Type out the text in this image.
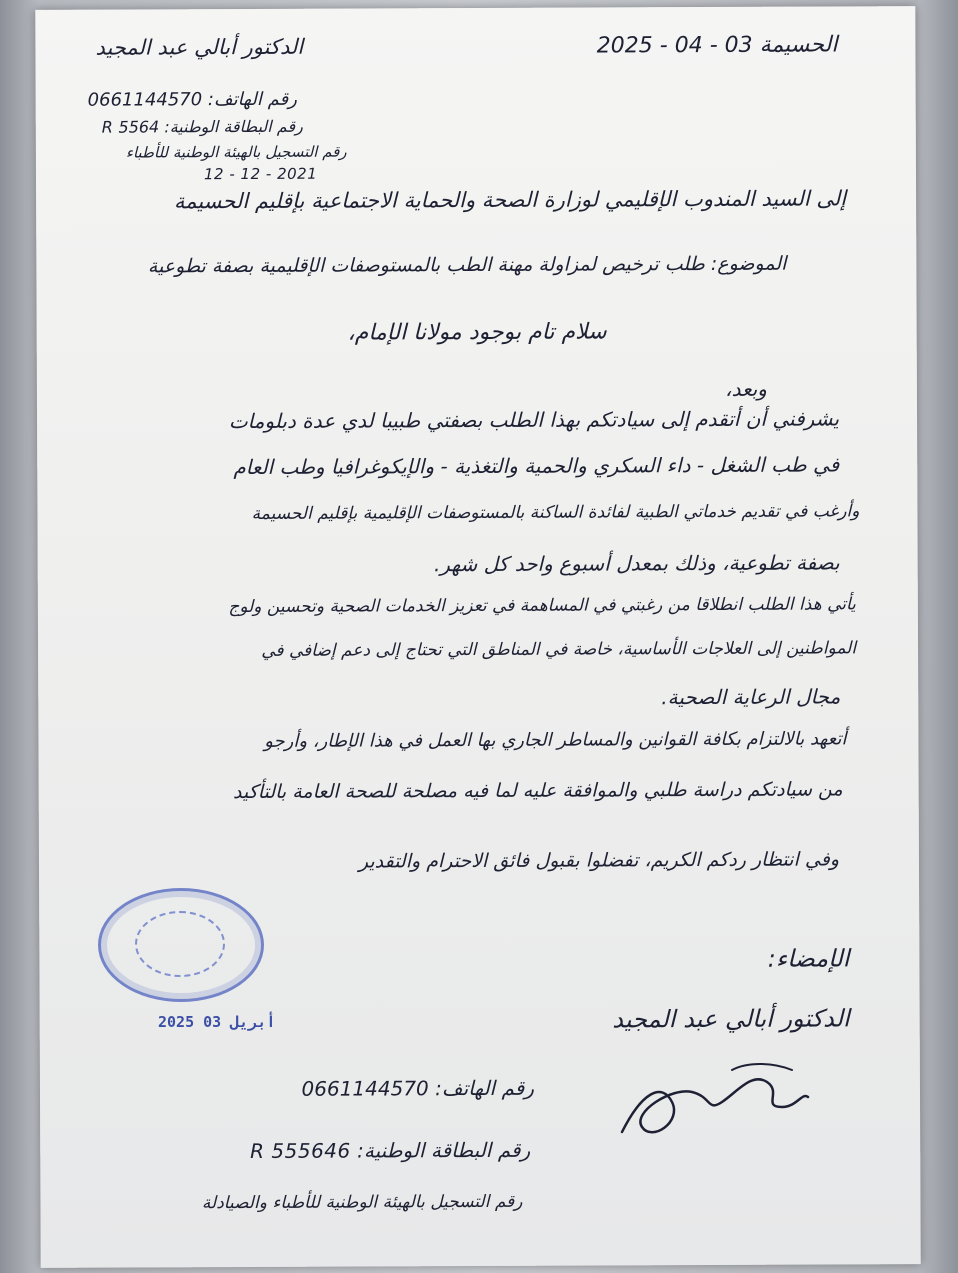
الحسيمة 03 - 04 - 2025
الدكتور أبالي عبد المجيد
رقم الهاتف: 0661144570
رقم البطاقة الوطنية: 5564 R
رقم التسجيل بالهيئة الوطنية للأطباء
2021 - 12 - 12
إلى السيد المندوب الإقليمي لوزارة الصحة والحماية الاجتماعية بإقليم الحسيمة
الموضوع: طلب ترخيص لمزاولة مهنة الطب بالمستوصفات الإقليمية بصفة تطوعية
سلام تام بوجود مولانا الإمام،
وبعد،
يشرفني أن أتقدم إلى سيادتكم بهذا الطلب بصفتي طبيبا لدي عدة دبلومات
في طب الشغل - داء السكري والحمية والتغذية - والإيكوغرافيا وطب العام
وأرغب في تقديم خدماتي الطبية لفائدة الساكنة بالمستوصفات الإقليمية بإقليم الحسيمة
بصفة تطوعية، وذلك بمعدل أسبوع واحد كل شهر.
يأتي هذا الطلب انطلاقا من رغبتي في المساهمة في تعزيز الخدمات الصحية وتحسين ولوج
المواطنين إلى العلاجات الأساسية، خاصة في المناطق التي تحتاج إلى دعم إضافي في
مجال الرعاية الصحية.
أتعهد بالالتزام بكافة القوانين والمساطر الجاري بها العمل في هذا الإطار، وأرجو
من سيادتكم دراسة طلبي والموافقة عليه لما فيه مصلحة للصحة العامة بالتأكيد
وفي انتظار ردكم الكريم، تفضلوا بقبول فائق الاحترام والتقدير
الإمضاء:
الدكتور أبالي عبد المجيد
رقم الهاتف: 0661144570
رقم البطاقة الوطنية: R 555646
رقم التسجيل بالهيئة الوطنية للأطباء والصيادلة
2025 أبريل 03
